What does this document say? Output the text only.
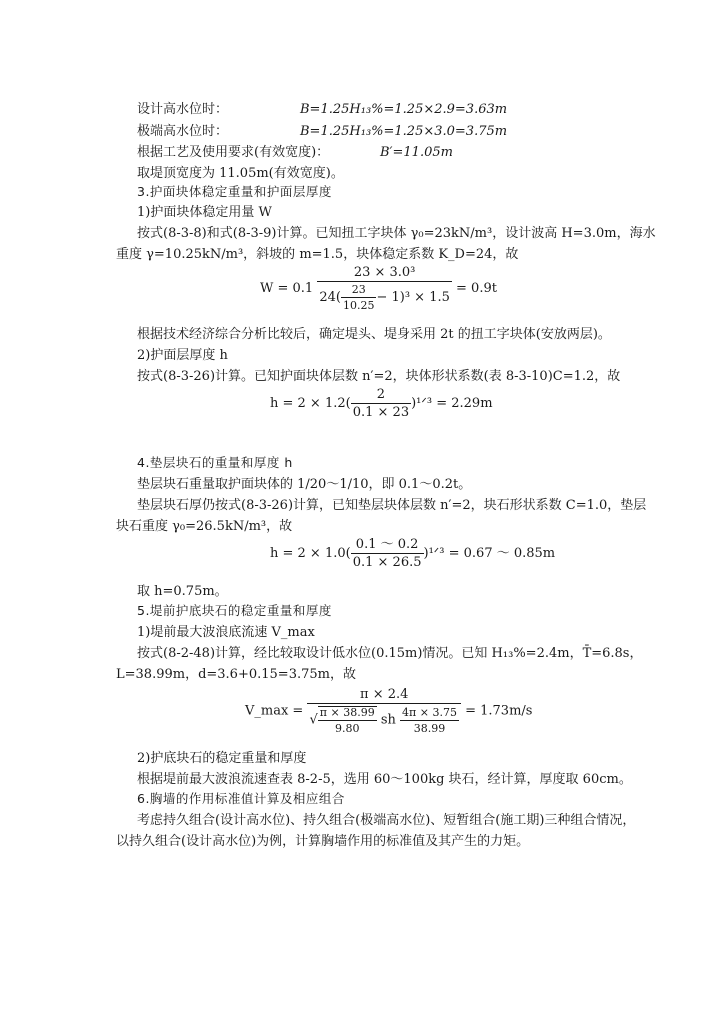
设计高水位时：	B=1.25H₁₃%=1.25×2.9=3.63m
极端高水位时：	B=1.25H₁₃%=1.25×3.0=3.75m
根据工艺及使用要求(有效宽度)：	B′=11.05m
取堤顶宽度为 11.05m(有效宽度)。
3.护面块体稳定重量和护面层厚度
1)护面块体稳定用量 W
按式(8-3-8)和式(8-3-9)计算。已知扭工字块体 γ₀=23kN/m³，设计波高 H=3.0m，海水
重度 γ=10.25kN/m³，斜坡的 m=1.5，块体稳定系数 K_D=24，故
$W = 0.1 \frac{\text{23 × 3.0³}}{24( \frac{23}{10.25} - 1)^3 \times 1.5} = 0.9t$
根据技术经济综合分析比较后，确定堤头、堤身采用 2t 的扭工字块体(安放两层)。
2)护面层厚度 h
按式(8-3-26)计算。已知护面块体层数 n′=2，块体形状系数(表 8-3-10)C=1.2，故
$h = 2 \times 1.2( \frac{2}{0.1 \times 23}$ )¹ᐟ³ = 2.29m
4.垫层块石的重量和厚度 h
垫层块石重量取护面块体的 1/20～1/10，即 0.1～0.2t。
垫层块石厚仍按式(8-3-26)计算，已知垫层块体层数 n′=2，块石形状系数 C=1.0，垫层
块石重度 γ₀=26.5kN/m³，故
$h = 2 \times 1.0( \frac{0.1 \sim 0.2}{0.1 \times 26.5}$ )¹ᐟ³ = 0.67 ～ 0.85m
取 h=0.75m。
5.堤前护底块石的稳定重量和厚度
1)堤前最大波浪底流速 V_max
按式(8-2-48)计算，经比较取设计低水位(0.15m)情况。已知 H₁₃%=2.4m，T̄=6.8s，
L=38.99m，d=3.6+0.15=3.75m，故
V_max = $\frac{\pi \times 2.4}{√ \frac{\pi \times 38.99}{9.80} sh \frac{4\pi \times 3.75}{38.99}} = 1.73m/s$
2)护底块石的稳定重量和厚度
根据堤前最大波浪流速查表 8-2-5，选用 60～100kg 块石，经计算，厚度取 60cm。
6.胸墙的作用标准值计算及相应组合
考虑持久组合(设计高水位)、持久组合(极端高水位)、短暂组合(施工期)三种组合情况，
以持久组合(设计高水位)为例，计算胸墙作用的标准值及其产生的力矩。
